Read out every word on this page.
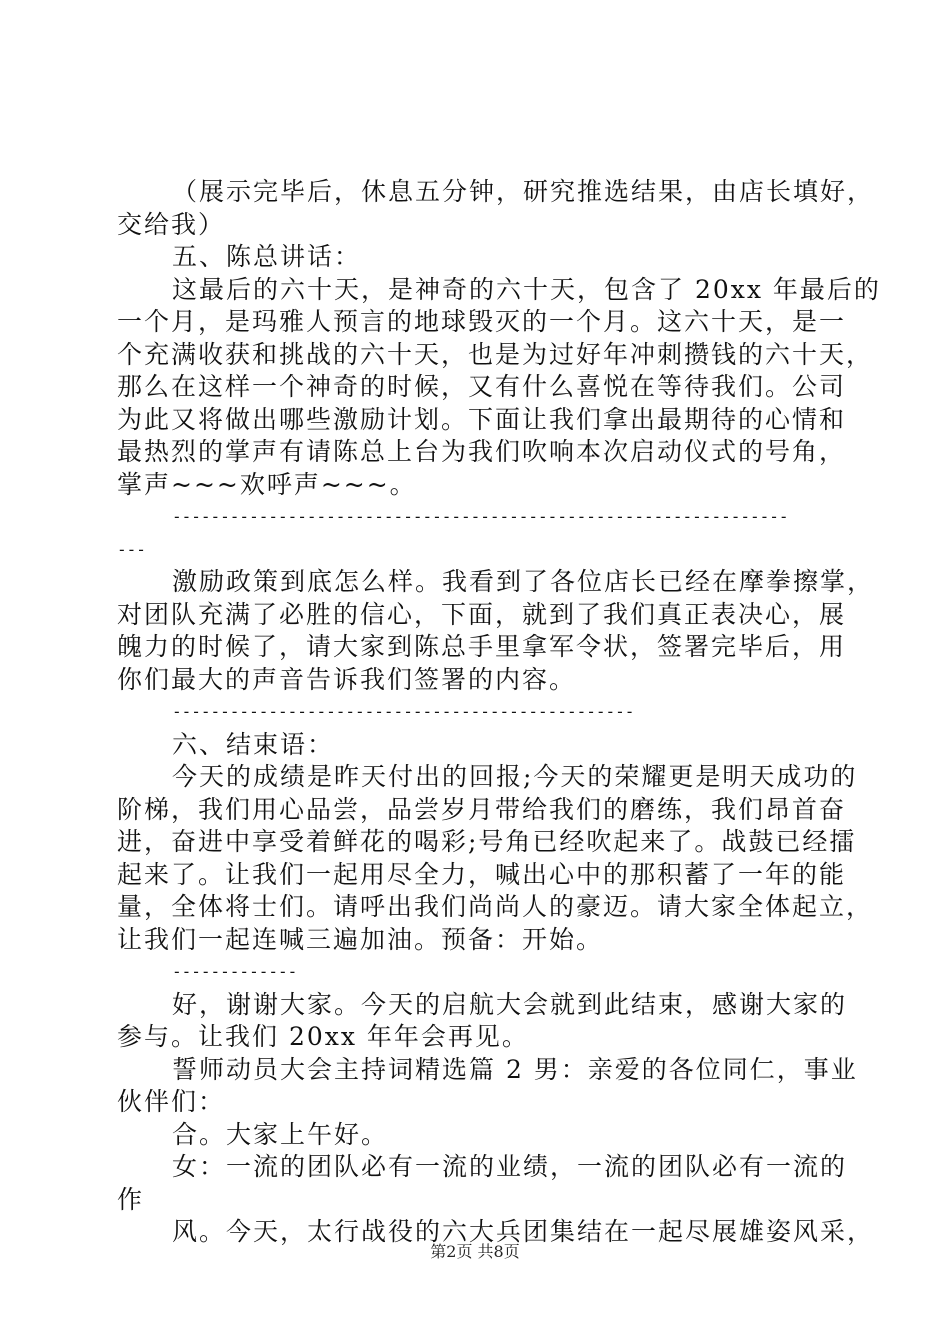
（展示完毕后，休息五分钟，研究推选结果，由店长填好，
交给我）
五、陈总讲话：
这最后的六十天，是神奇的六十天，包含了 20xx 年最后的
一个月，是玛雅人预言的地球毁灭的一个月。这六十天，是一
个充满收获和挑战的六十天，也是为过好年冲刺攒钱的六十天，
那么在这样一个神奇的时候，又有什么喜悦在等待我们。公司
为此又将做出哪些激励计划。下面让我们拿出最期待的心情和
最热烈的掌声有请陈总上台为我们吹响本次启动仪式的号角，
掌声~~~欢呼声~~~。
----------------------------------------------------------------
---
激励政策到底怎么样。我看到了各位店长已经在摩拳擦掌，
对团队充满了必胜的信心，下面，就到了我们真正表决心，展
魄力的时候了，请大家到陈总手里拿军令状，签署完毕后，用
你们最大的声音告诉我们签署的内容。
------------------------------------------------
六、结束语：
今天的成绩是昨天付出的回报;今天的荣耀更是明天成功的
阶梯，我们用心品尝，品尝岁月带给我们的磨练，我们昂首奋
进，奋进中享受着鲜花的喝彩;号角已经吹起来了。战鼓已经擂
起来了。让我们一起用尽全力，喊出心中的那积蓄了一年的能
量，全体将士们。请呼出我们尚尚人的豪迈。请大家全体起立，
让我们一起连喊三遍加油。预备：开始。
-------------
好，谢谢大家。今天的启航大会就到此结束，感谢大家的
参与。让我们 20xx 年年会再见。
誓师动员大会主持词精选篇 2 男：亲爱的各位同仁，事业
伙伴们：
合。大家上午好。
女：一流的团队必有一流的业绩，一流的团队必有一流的
作
风。今天，太行战役的六大兵团集结在一起尽展雄姿风采，
第2页 共8页
